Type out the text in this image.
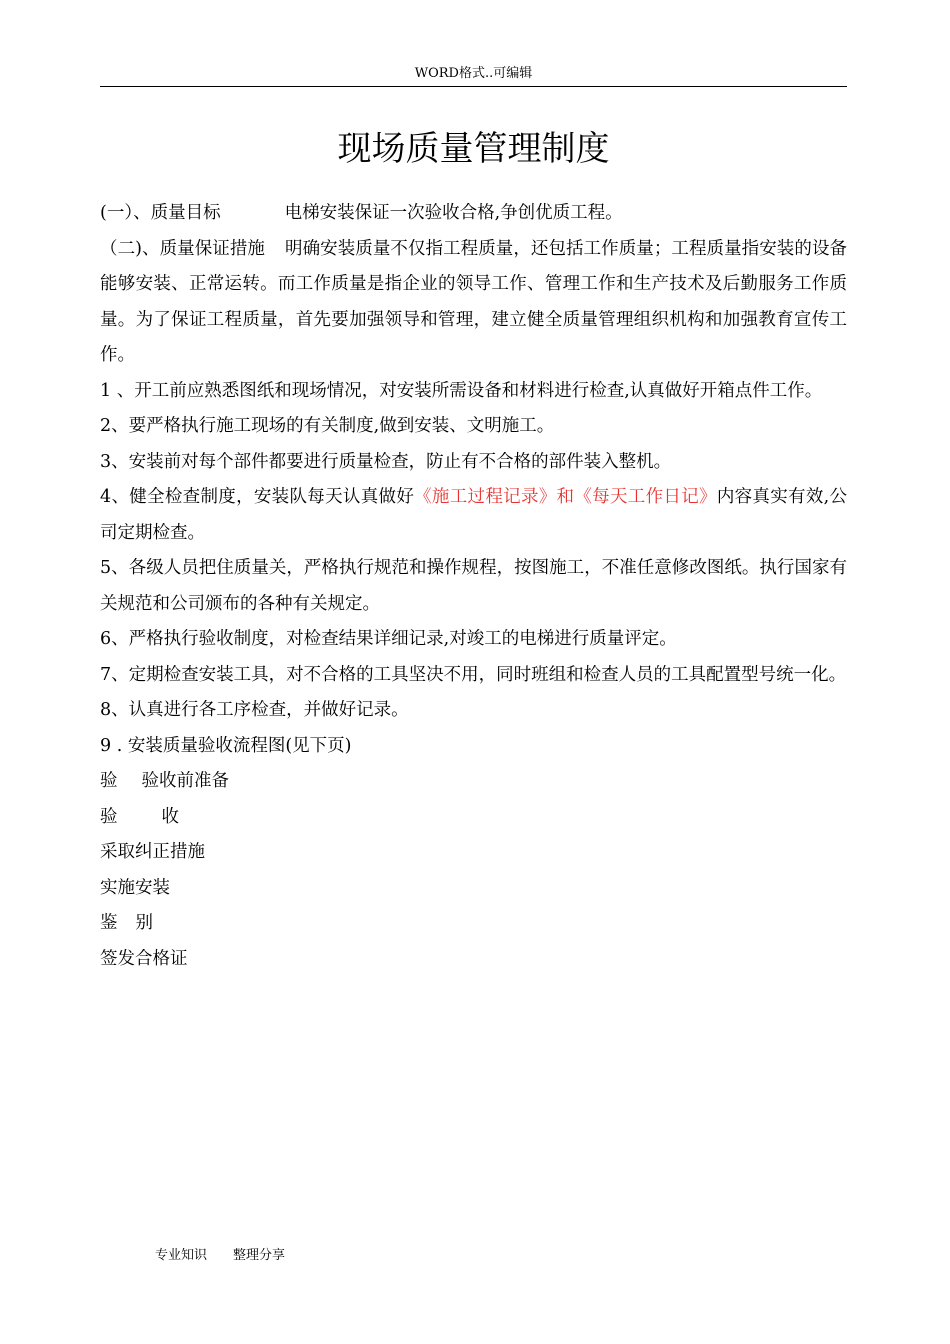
WORD格式..可编辑
现场质量管理制度

(一）、质量目标	电梯安装保证一次验收合格,争创优质工程。

（二)、质量保证措施 明确安装质量不仅指工程质量，还包括工作质量；工程质量指安装的设备能够安装、正常运转。而工作质量是指企业的领导工作、管理工作和生产技术及后勤服务工作质量。为了保证工程质量，首先要加强领导和管理，建立健全质量管理组织机构和加强教育宣传工作。

1 、开工前应熟悉图纸和现场情况，对安装所需设备和材料进行检查,认真做好开箱点件工作。

2、要严格执行施工现场的有关制度,做到安装、文明施工。

3、安装前对每个部件都要进行质量检查，防止有不合格的部件装入整机。

4、健全检查制度，安装队每天认真做好《施工过程记录》和《每天工作日记》内容真实有效,公司定期检查。

5、各级人员把住质量关，严格执行规范和操作规程，按图施工，不准任意修改图纸。执行国家有关规范和公司颁布的各种有关规定。

6、严格执行验收制度，对检查结果详细记录,对竣工的电梯进行质量评定。

7、定期检查安装工具，对不合格的工具坚决不用，同时班组和检查人员的工具配置型号统一化。

8、认真进行各工序检查，并做好记录。

9 . 安装质量验收流程图(见下页)

验 验收前准备

验	收

采取纠正措施

实施安装

鉴 别

签发合格证

专业知识 整理分享
